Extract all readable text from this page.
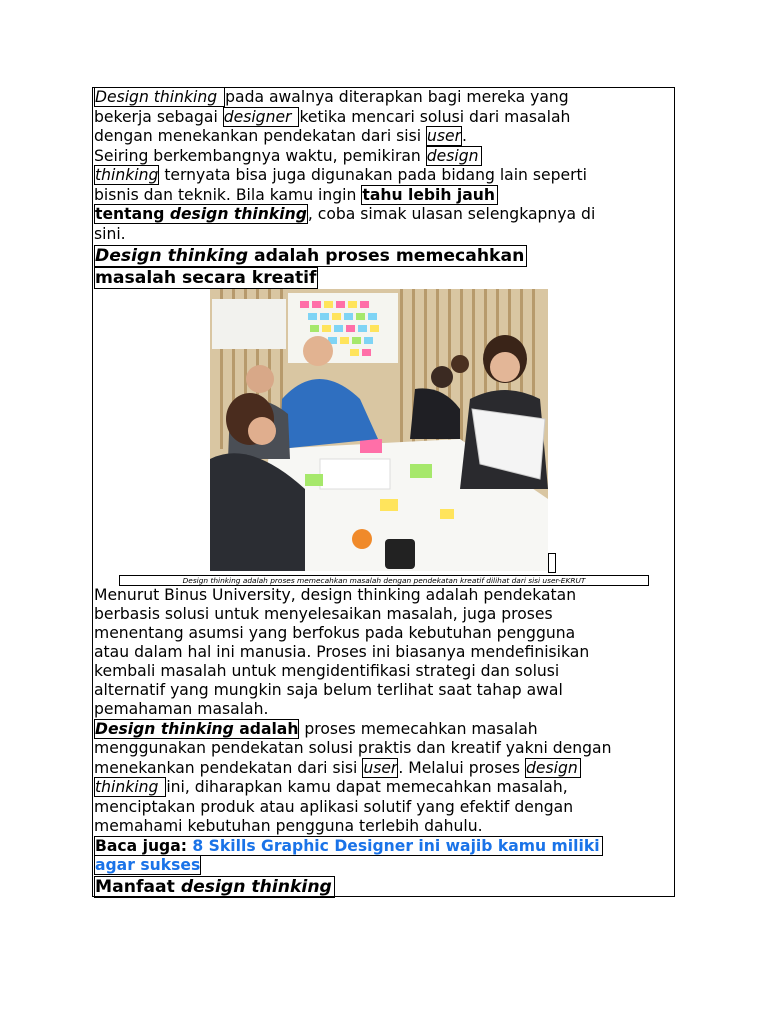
Design thinking pada awalnya diterapkan bagi mereka yang
bekerja sebagai designer ketika mencari solusi dari masalah
dengan menekankan pendekatan dari sisi user.
Seiring berkembangnya waktu, pemikiran design
thinking ternyata bisa juga digunakan pada bidang lain seperti
bisnis dan teknik. Bila kamu ingin tahu lebih jauh
tentang design thinking, coba simak ulasan selengkapnya di
sini.
Design thinking adalah proses memecahkan
masalah secara kreatif
Design thinking adalah proses memecahkan masalah dengan pendekatan kreatif dilihat dari sisi user-EKRUT
Menurut Binus University, design thinking adalah pendekatan
berbasis solusi untuk menyelesaikan masalah, juga proses
menentang asumsi yang berfokus pada kebutuhan pengguna
atau dalam hal ini manusia. Proses ini biasanya mendefinisikan
kembali masalah untuk mengidentifikasi strategi dan solusi
alternatif yang mungkin saja belum terlihat saat tahap awal
pemahaman masalah.
Design thinking adalah proses memecahkan masalah
menggunakan pendekatan solusi praktis dan kreatif yakni dengan
menekankan pendekatan dari sisi user. Melalui proses design
thinking ini, diharapkan kamu dapat memecahkan masalah,
menciptakan produk atau aplikasi solutif yang efektif dengan
memahami kebutuhan pengguna terlebih dahulu.
Baca juga: 8 Skills Graphic Designer ini wajib kamu miliki
agar sukses
Manfaat design thinking
